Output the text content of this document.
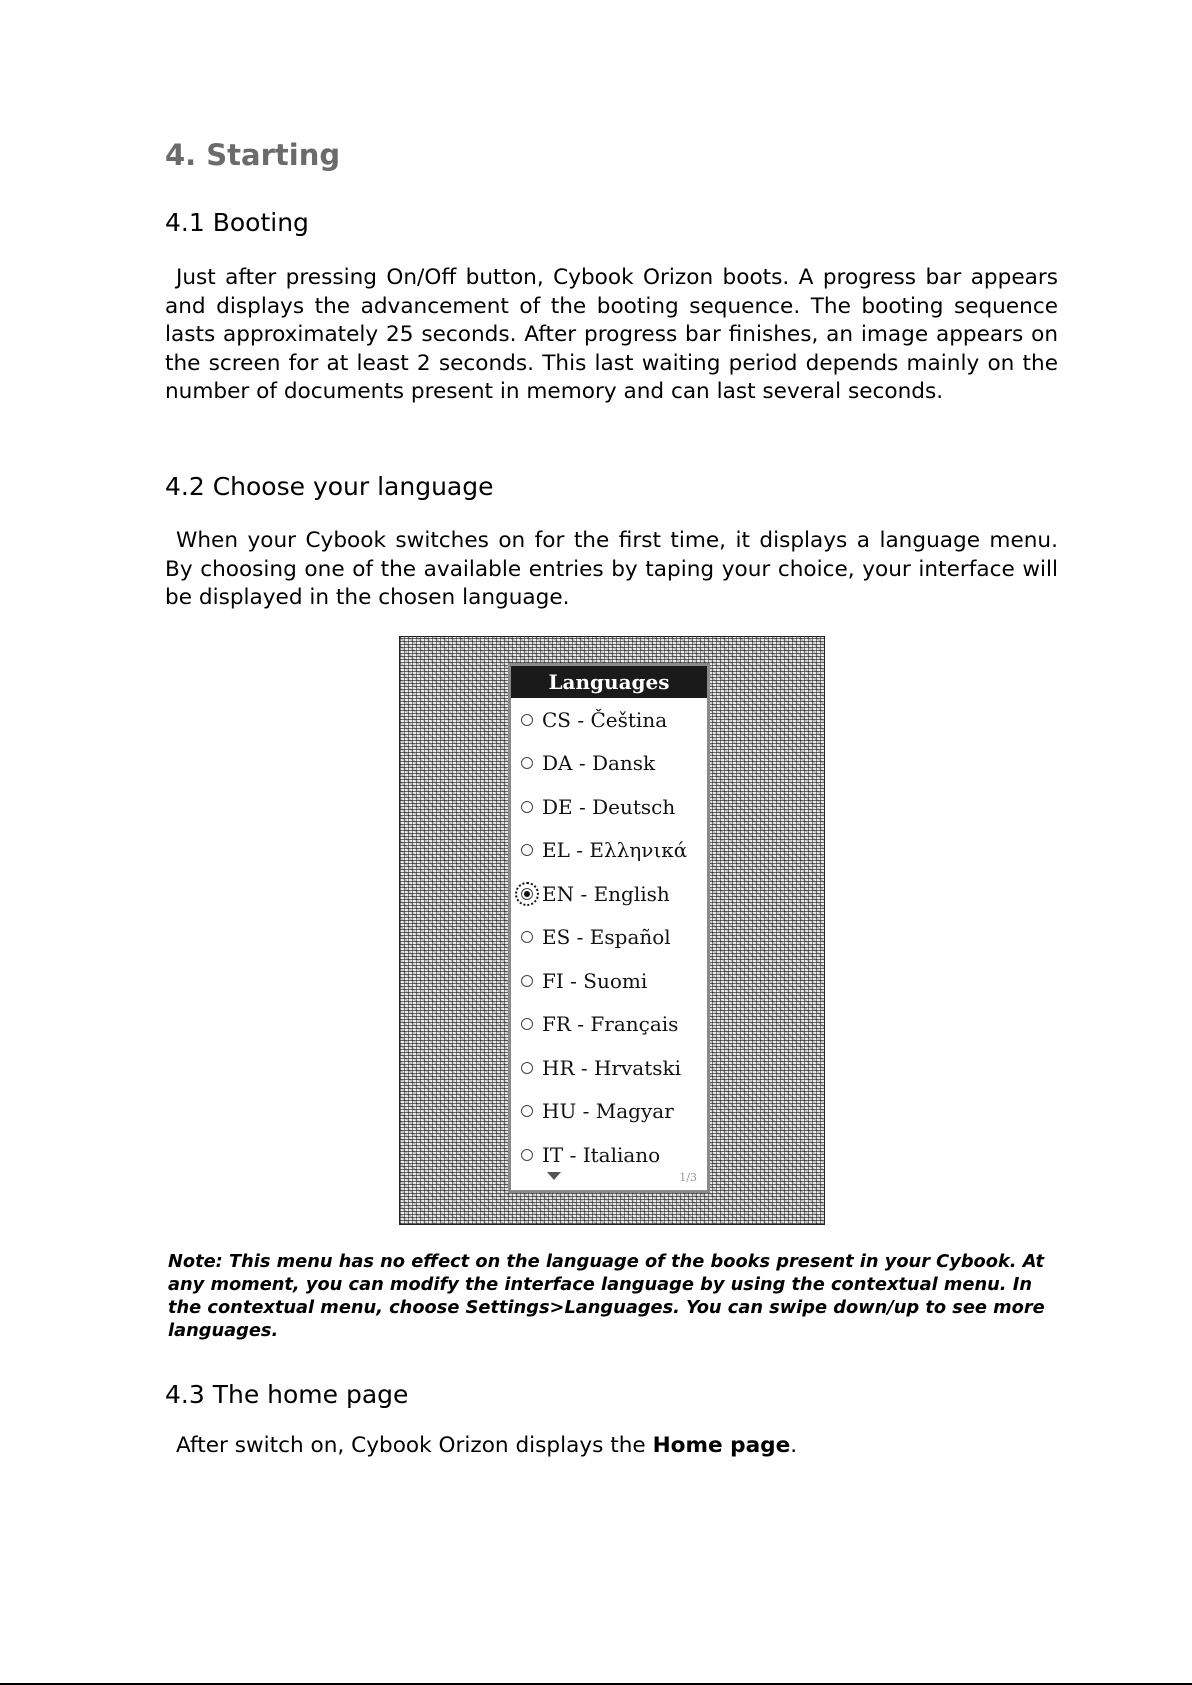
4. Starting
4.1 Booting

Just after pressing On/Off button, Cybook Orizon boots. A progress bar appears and displays the advancement of the booting sequence. The booting sequence lasts approximately 25 seconds. After progress bar finishes, an image appears on the screen for at least 2 seconds. This last waiting period depends mainly on the number of documents present in memory and can last several seconds.

4.2 Choose your language

When your Cybook switches on for the first time, it displays a language menu. By choosing one of the available entries by taping your choice, your interface will be displayed in the chosen language.

Languages
CS - Čeština
DA - Dansk
DE - Deutsch
EL - Ελληνικά
EN - English
ES - Español
FI - Suomi
FR - Français
HR - Hrvatski
HU - Magyar
IT - Italiano
1/3

Note: This menu has no effect on the language of the books present in your Cybook. At any moment, you can modify the interface language by using the contextual menu. In the contextual menu, choose Settings>Languages. You can swipe down/up to see more languages.

4.3 The home page

After switch on, Cybook Orizon displays the Home page.
